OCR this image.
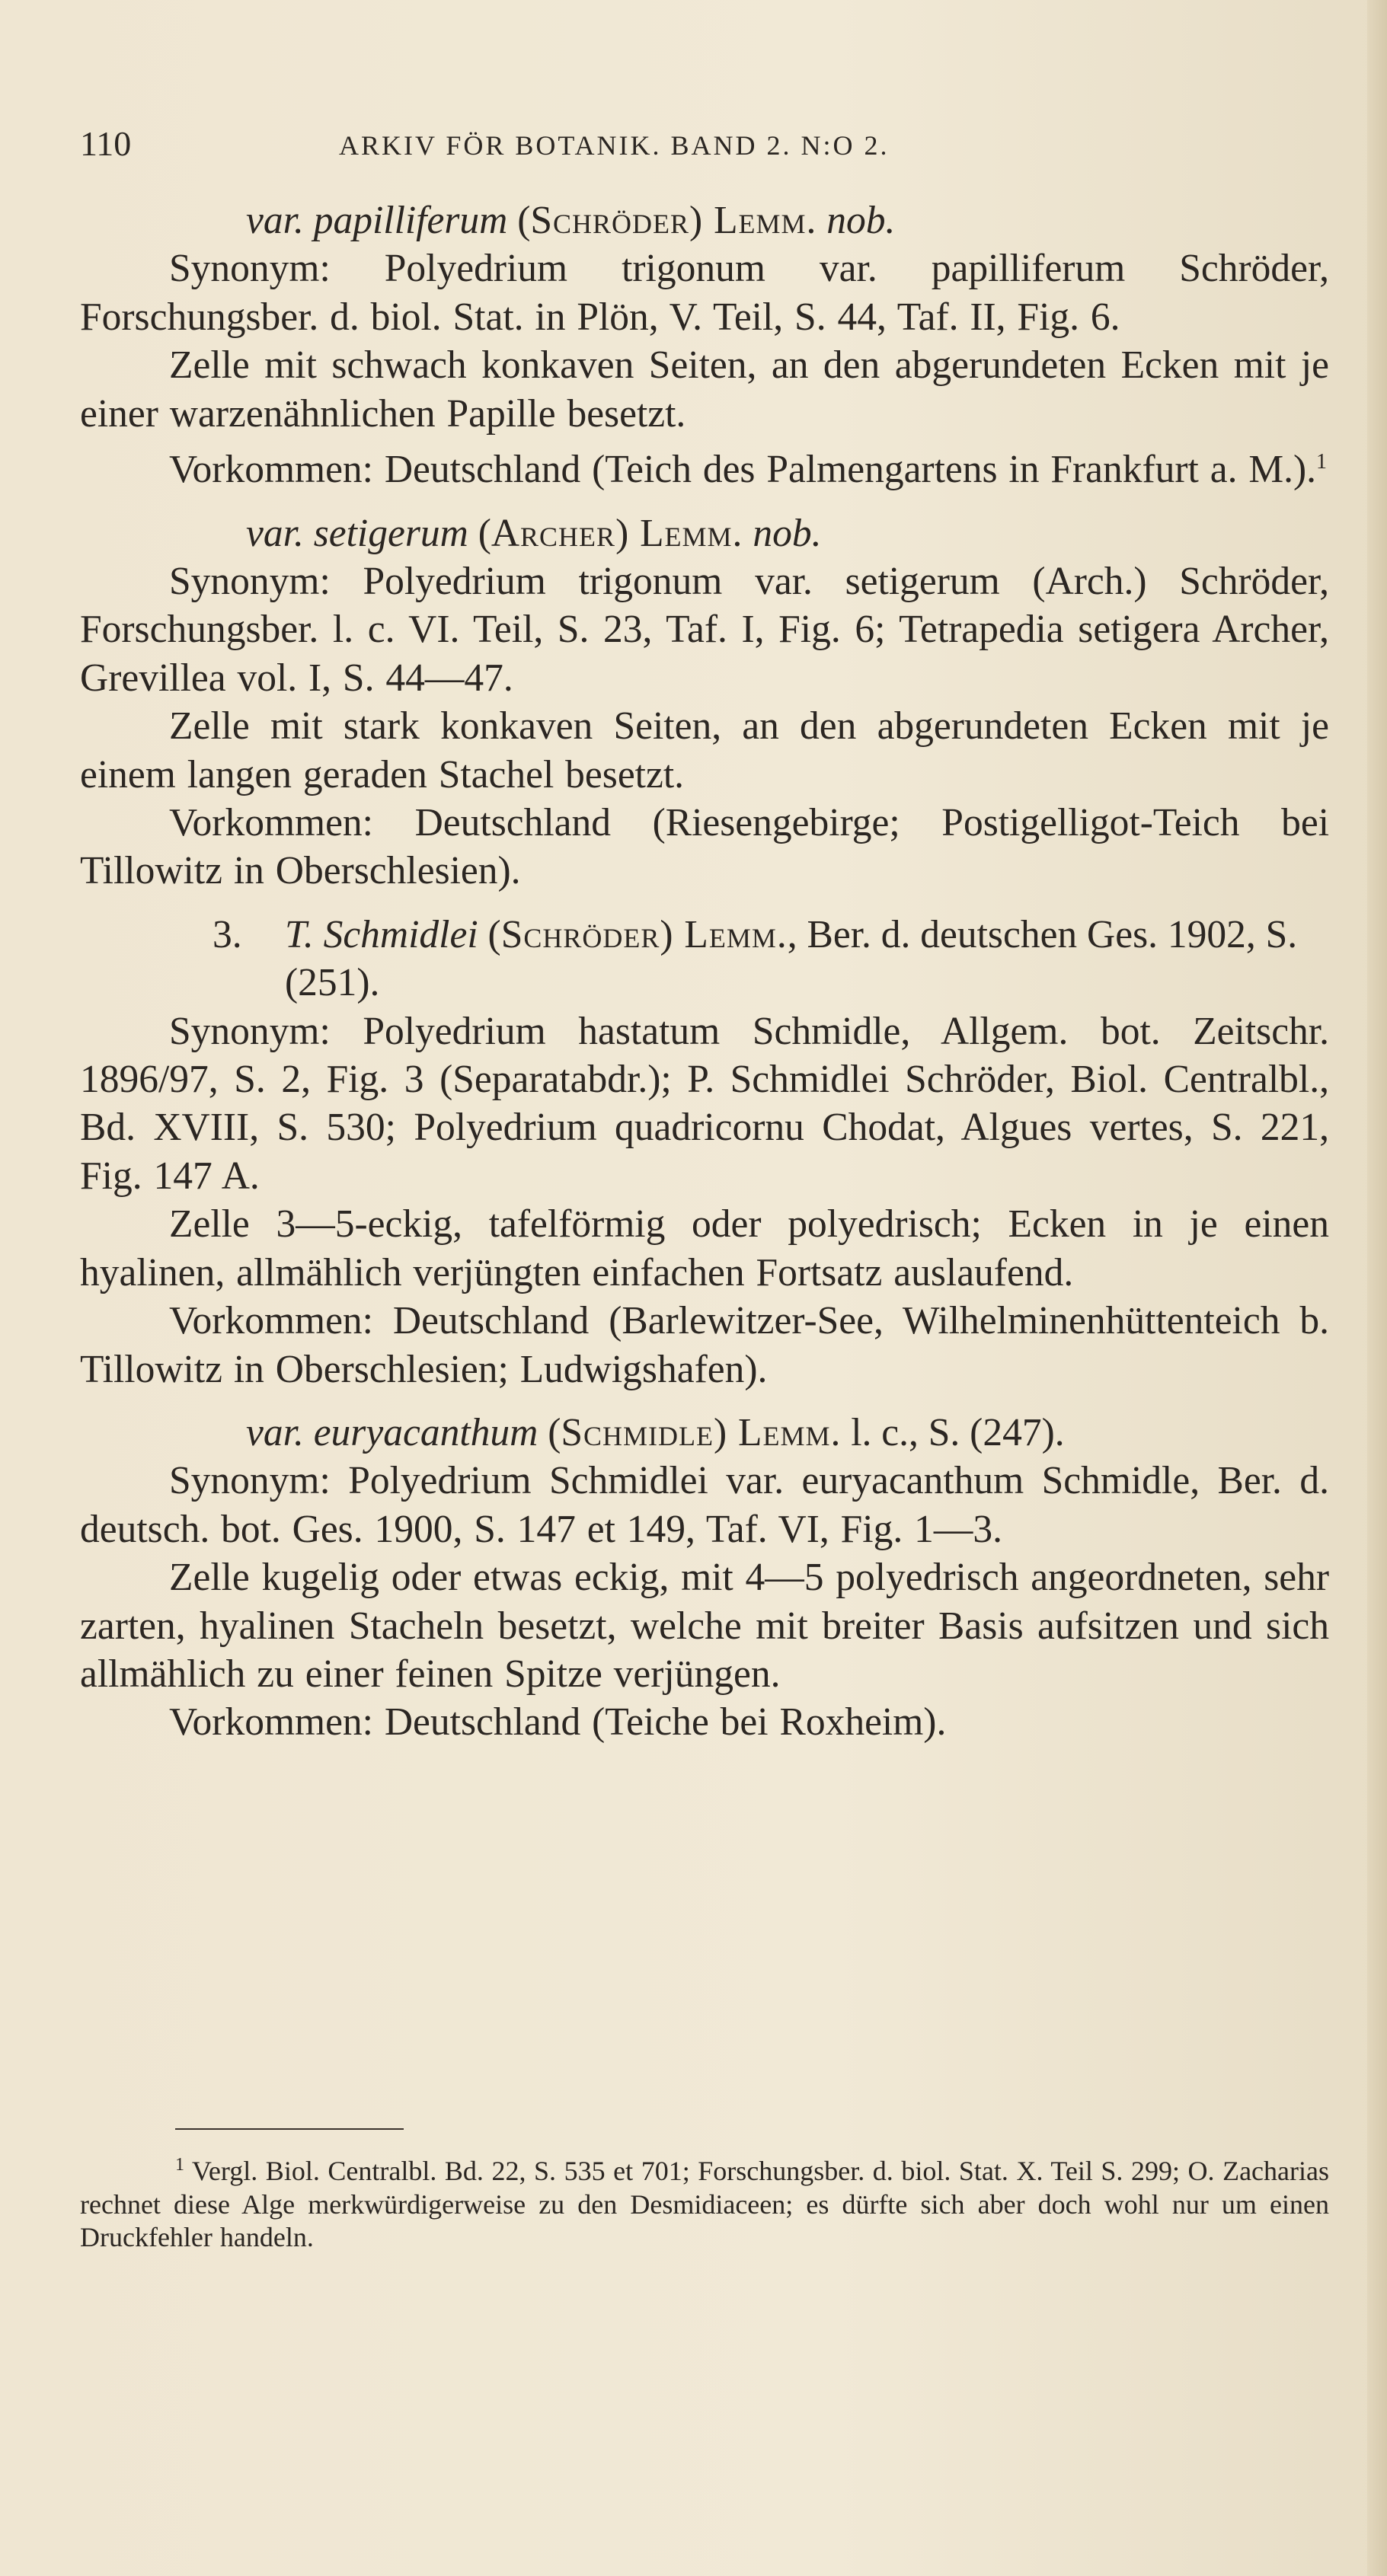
110	ARKIV FÖR BOTANIK. BAND 2. N:O 2.

var. papilliferum (Schröder) Lemm. nob.

Synonym: Polyedrium trigonum var. papilliferum Schröder, Forschungsber. d. biol. Stat. in Plön, V. Teil, S. 44, Taf. II, Fig. 6.

Zelle mit schwach konkaven Seiten, an den abgerundeten Ecken mit je einer warzenähnlichen Papille besetzt.

Vorkommen: Deutschland (Teich des Palmengartens in Frankfurt a. M.).$^1$

var. setigerum (Archer) Lemm. nob.

Synonym: Polyedrium trigonum var. setigerum (Arch.) Schröder, Forschungsber. l. c. VI. Teil, S. 23, Taf. I, Fig. 6; Tetrapedia setigera Archer, Grevillea vol. I, S. 44—47.

Zelle mit stark konkaven Seiten, an den abgerundeten Ecken mit je einem langen geraden Stachel besetzt.

Vorkommen: Deutschland (Riesengebirge; Postigelligot-Teich bei Tillowitz in Oberschlesien).

3.	T. Schmidlei (Schröder) Lemm., Ber. d. deutschen Ges. 1902, S. (251).

Synonym: Polyedrium hastatum Schmidle, Allgem. bot. Zeitschr. 1896/97, S. 2, Fig. 3 (Separatabdr.); P. Schmidlei Schröder, Biol. Centralbl., Bd. XVIII, S. 530; Polyedrium quadricornu Chodat, Algues vertes, S. 221, Fig. 147 A.

Zelle 3—5-eckig, tafelförmig oder polyedrisch; Ecken in je einen hyalinen, allmählich verjüngten einfachen Fortsatz auslaufend.

Vorkommen: Deutschland (Barlewitzer-See, Wilhelminenhüttenteich b. Tillowitz in Oberschlesien; Ludwigshafen).

var. euryacanthum (Schmidle) Lemm. l. c., S. (247).

Synonym: Polyedrium Schmidlei var. euryacanthum Schmidle, Ber. d. deutsch. bot. Ges. 1900, S. 147 et 149, Taf. VI, Fig. 1—3.

Zelle kugelig oder etwas eckig, mit 4—5 polyedrisch angeordneten, sehr zarten, hyalinen Stacheln besetzt, welche mit breiter Basis aufsitzen und sich allmählich zu einer feinen Spitze verjüngen.

Vorkommen: Deutschland (Teiche bei Roxheim).

$^1$ Vergl. Biol. Centralbl. Bd. 22, S. 535 et 701; Forschungsber. d. biol. Stat. X. Teil S. 299; O. Zacharias rechnet diese Alge merkwürdigerweise zu den Desmidiaceen; es dürfte sich aber doch wohl nur um einen Druckfehler handeln.
